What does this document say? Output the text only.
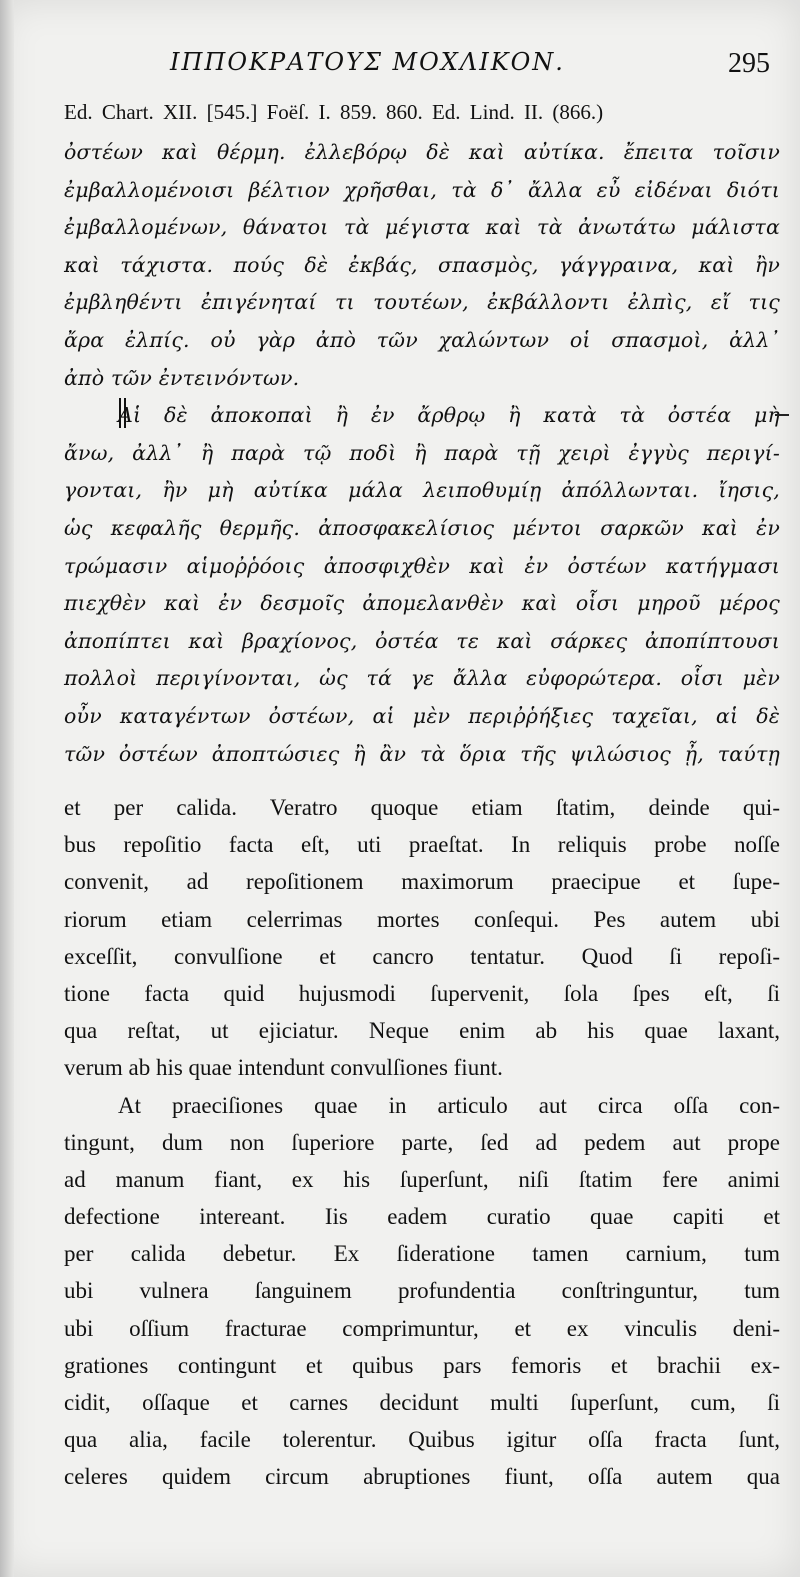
ΙΠΠΟΚΡΑΤΟΥΣ ΜΟΧΛΙΚΟΝ.	295
Ed. Chart. XII. [545.] Foëſ. I. 859. 860. Ed. Lind. II. (866.)
ὀστέων καὶ θέρμη. ἐλλεβόρῳ δὲ καὶ αὐτίκα. ἔπειτα τοῖσιν
ἐμβαλλομένοισι βέλτιον χρῆσθαι, τὰ δ᾽ ἄλλα εὖ εἰδέναι διότι
ἐμβαλλομένων, θάνατοι τὰ μέγιστα καὶ τὰ ἀνωτάτω μάλιστα
καὶ τάχιστα. πούς δὲ ἐκβάς, σπασμὸς, γάγγραινα, καὶ ἢν
ἐμβληθέντι ἐπιγένηταί τι τουτέων, ἐκβάλλοντι ἐλπὶς, εἴ τις
ἄρα ἐλπίς. οὐ γὰρ ἀπὸ τῶν χαλώντων οἱ σπασμοὶ, ἀλλ᾽
ἀπὸ τῶν ἐντεινόντων.
Αἱ δὲ ἀποκοπαὶ ἢ ἐν ἄρθρῳ ἢ κατὰ τὰ ὀστέα μὴ
ἄνω, ἀλλ᾽ ἢ παρὰ τῷ ποδὶ ἢ παρὰ τῇ χειρὶ ἐγγὺς περιγί-
γονται, ἢν μὴ αὐτίκα μάλα λειποθυμίῃ ἀπόλλωνται. ἴησις,
ὡς κεφαλῆς θερμῆς. ἀποσφακελίσιος μέντοι σαρκῶν καὶ ἐν
τρώμασιν αἱμοῤῥόοις ἀποσφιχθὲν καὶ ἐν ὀστέων κατήγμασι
πιεχθὲν καὶ ἐν δεσμοῖς ἀπομελανθὲν καὶ οἷσι μηροῦ μέρος
ἀποπίπτει καὶ βραχίονος, ὀστέα τε καὶ σάρκες ἀποπίπτουσι
πολλοὶ περιγίνονται, ὡς τά γε ἄλλα εὐφορώτερα. οἷσι μὲν
οὖν καταγέντων ὀστέων, αἱ μὲν περιῤῥήξιες ταχεῖαι, αἱ δὲ
τῶν ὀστέων ἀποπτώσιες ἢ ἂν τὰ ὅρια τῆς ψιλώσιος ᾖ, ταύτῃ
et per calida. Veratro quoque etiam ſtatim, deinde qui-
bus repoſitio facta eſt, uti praeſtat. In reliquis probe noſſe
convenit, ad repoſitionem maximorum praecipue et ſupe-
riorum etiam celerrimas mortes conſequi. Pes autem ubi
exceſſit, convulſione et cancro tentatur. Quod ſi repoſi-
tione facta quid hujusmodi ſupervenit, ſola ſpes eſt, ſi
qua reſtat, ut ejiciatur. Neque enim ab his quae laxant,
verum ab his quae intendunt convulſiones fiunt.
At praeciſiones quae in articulo aut circa oſſa con-
tingunt, dum non ſuperiore parte, ſed ad pedem aut prope
ad manum fiant, ex his ſuperſunt, niſi ſtatim fere animi
defectione intereant. Iis eadem curatio quae capiti et
per calida debetur. Ex ſideratione tamen carnium, tum
ubi vulnera ſanguinem profundentia conſtringuntur, tum
ubi oſſium fracturae comprimuntur, et ex vinculis deni-
grationes contingunt et quibus pars femoris et brachii ex-
cidit, oſſaque et carnes decidunt multi ſuperſunt, cum, ſi
qua alia, facile tolerentur. Quibus igitur oſſa fracta ſunt,
celeres quidem circum abruptiones fiunt, oſſa autem qua
